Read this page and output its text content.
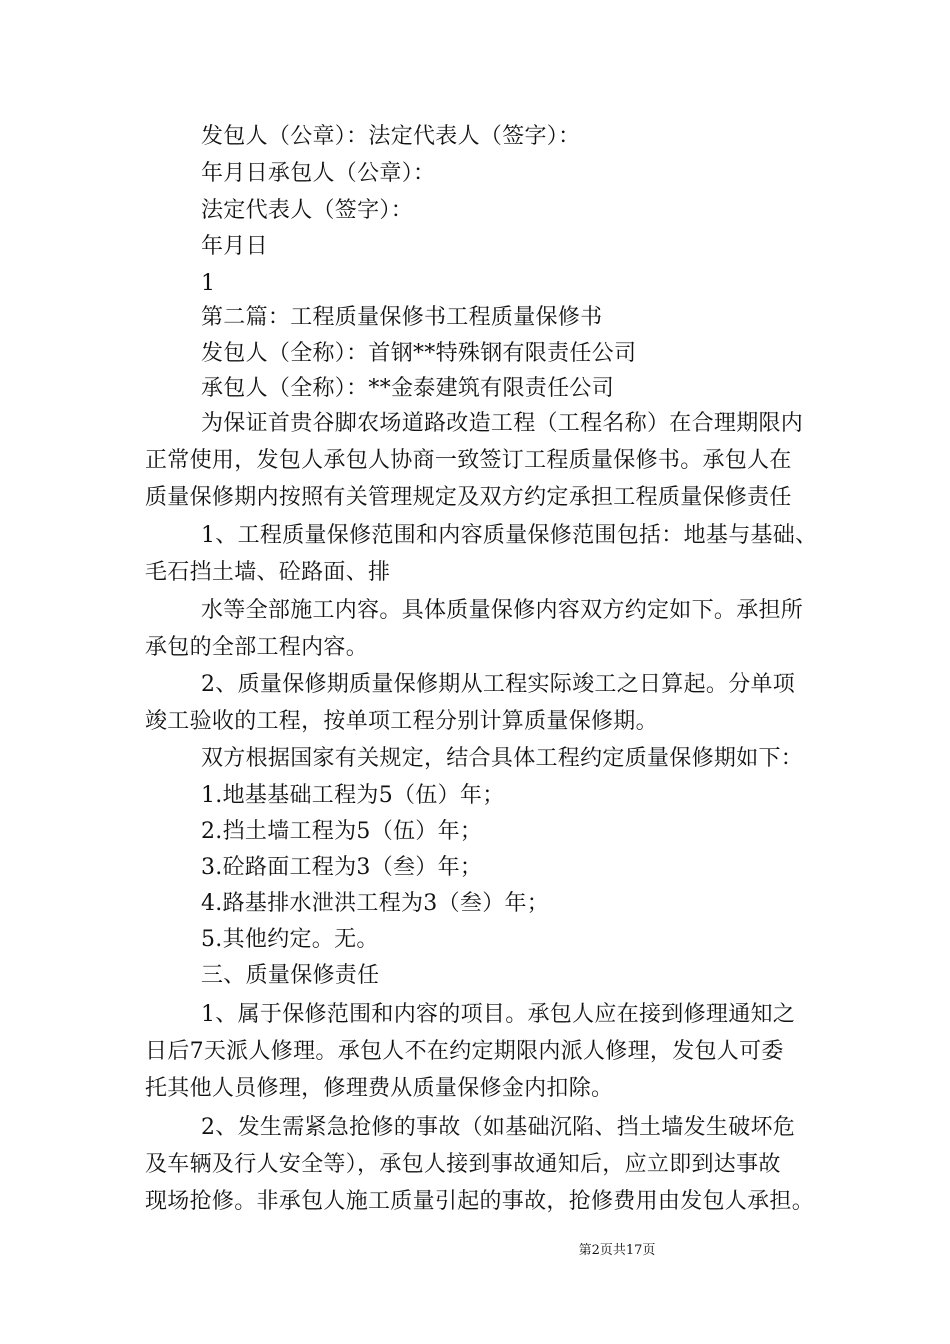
发包人（公章）：法定代表人（签字）：
年月日承包人（公章）：
法定代表人（签字）：
年月日
1
第二篇：工程质量保修书工程质量保修书
发包人（全称）：首钢**特殊钢有限责任公司
承包人（全称）：**金泰建筑有限责任公司
为保证首贵谷脚农场道路改造工程（工程名称）在合理期限内
正常使用，发包人承包人协商一致签订工程质量保修书。承包人在
质量保修期内按照有关管理规定及双方约定承担工程质量保修责任
1、工程质量保修范围和内容质量保修范围包括：地基与基础、
毛石挡土墙、砼路面、排
水等全部施工内容。具体质量保修内容双方约定如下。承担所
承包的全部工程内容。
2、质量保修期质量保修期从工程实际竣工之日算起。分单项
竣工验收的工程，按单项工程分别计算质量保修期。
双方根据国家有关规定，结合具体工程约定质量保修期如下：
1.地基基础工程为5（伍）年；
2.挡土墙工程为5（伍）年；
3.砼路面工程为3（叁）年；
4.路基排水泄洪工程为3（叁）年；
5.其他约定。无。
三、质量保修责任
1、属于保修范围和内容的项目。承包人应在接到修理通知之
日后7天派人修理。承包人不在约定期限内派人修理，发包人可委
托其他人员修理，修理费从质量保修金内扣除。
2、发生需紧急抢修的事故（如基础沉陷、挡土墙发生破坏危
及车辆及行人安全等），承包人接到事故通知后，应立即到达事故
现场抢修。非承包人施工质量引起的事故，抢修费用由发包人承担。
第2页共17页
